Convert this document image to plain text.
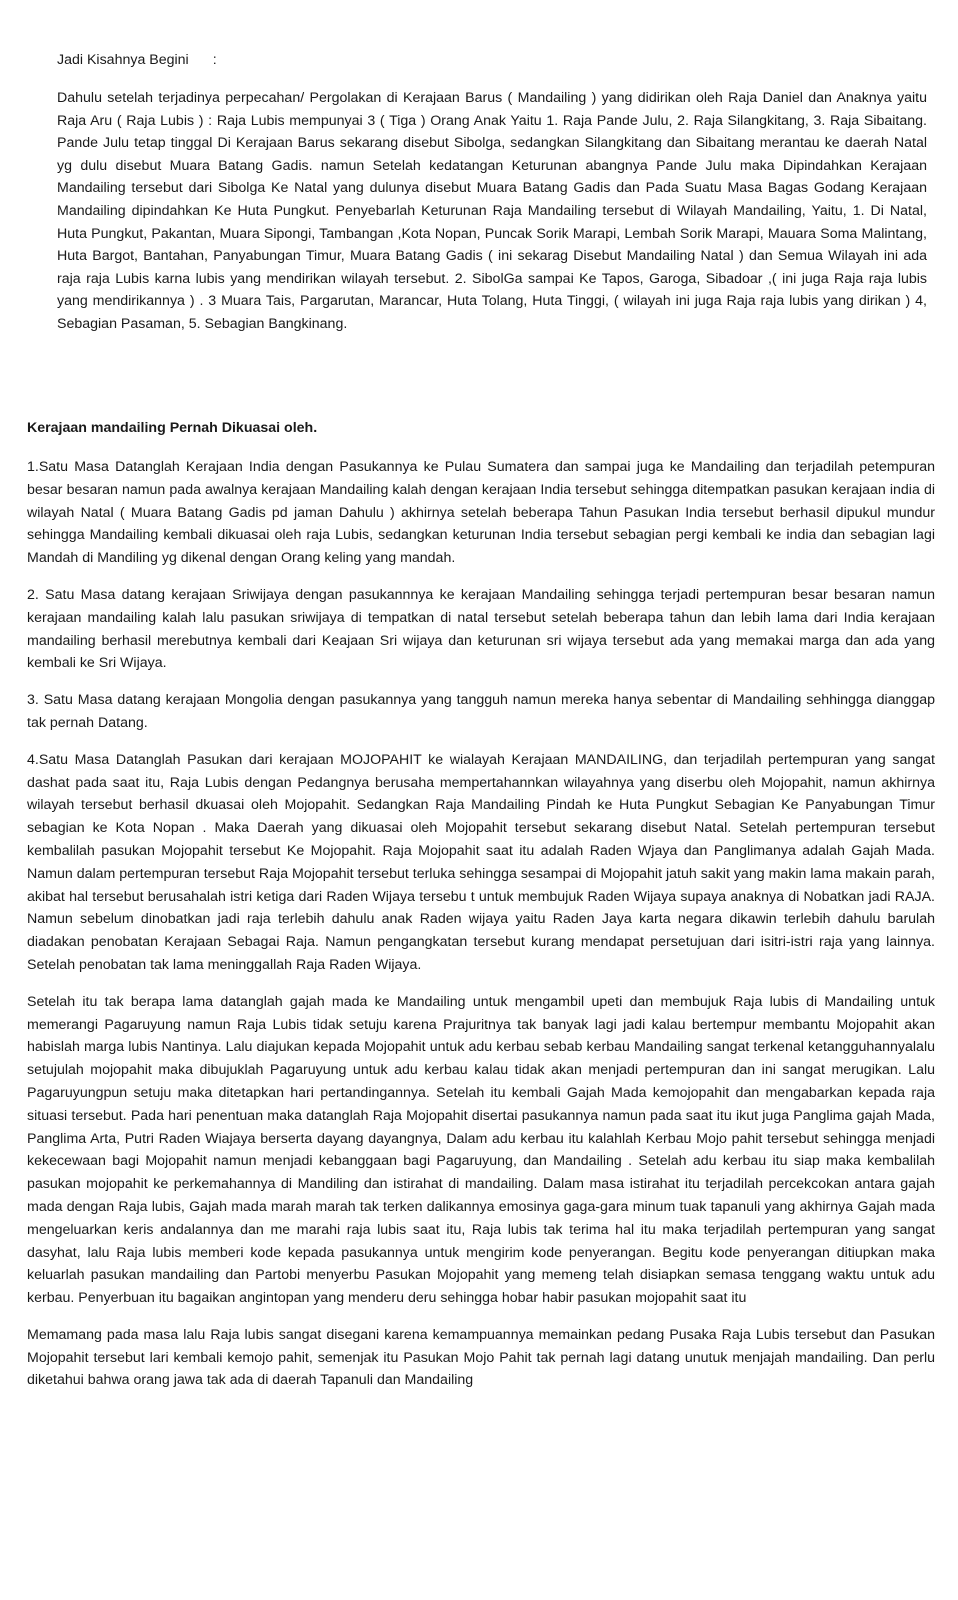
Jadi Kisahnya Begini :

Dahulu setelah terjadinya perpecahan/ Pergolakan di Kerajaan Barus ( Mandailing ) yang didirikan oleh Raja Daniel dan Anaknya yaitu Raja Aru ( Raja Lubis ) : Raja Lubis mempunyai 3 ( Tiga ) Orang Anak Yaitu 1. Raja Pande Julu, 2. Raja Silangkitang, 3. Raja Sibaitang. Pande Julu tetap tinggal Di Kerajaan Barus sekarang disebut Sibolga, sedangkan Silangkitang dan Sibaitang merantau ke daerah Natal yg dulu disebut Muara Batang Gadis. namun Setelah kedatangan Keturunan abangnya Pande Julu maka Dipindahkan Kerajaan Mandailing tersebut dari Sibolga Ke Natal yang dulunya disebut Muara Batang Gadis dan Pada Suatu Masa Bagas Godang Kerajaan Mandailing dipindahkan Ke Huta Pungkut. Penyebarlah Keturunan Raja Mandailing tersebut di Wilayah Mandailing, Yaitu, 1. Di Natal, Huta Pungkut, Pakantan, Muara Sipongi, Tambangan ,Kota Nopan, Puncak Sorik Marapi, Lembah Sorik Marapi, Mauara Soma Malintang, Huta Bargot, Bantahan, Panyabungan Timur, Muara Batang Gadis ( ini sekarag Disebut Mandailing Natal ) dan Semua Wilayah ini ada raja raja Lubis karna lubis yang mendirikan wilayah tersebut. 2. SibolGa sampai Ke Tapos, Garoga, Sibadoar ,( ini juga Raja raja lubis yang mendirikannya ) . 3 Muara Tais, Pargarutan, Marancar, Huta Tolang, Huta Tinggi, ( wilayah ini juga Raja raja lubis yang dirikan ) 4, Sebagian Pasaman, 5. Sebagian Bangkinang.

Kerajaan mandailing Pernah Dikuasai oleh.

1.Satu Masa Datanglah Kerajaan India dengan Pasukannya ke Pulau Sumatera dan sampai juga ke Mandailing dan terjadilah petempuran besar besaran namun pada awalnya kerajaan Mandailing kalah dengan kerajaan India tersebut sehingga ditempatkan pasukan kerajaan india di wilayah Natal ( Muara Batang Gadis pd jaman Dahulu ) akhirnya setelah beberapa Tahun Pasukan India tersebut berhasil dipukul mundur sehingga Mandailing kembali dikuasai oleh raja Lubis, sedangkan keturunan India tersebut sebagian pergi kembali ke india dan sebagian lagi Mandah di Mandiling yg dikenal dengan Orang keling yang mandah.

2. Satu Masa datang kerajaan Sriwijaya dengan pasukannnya ke kerajaan Mandailing sehingga terjadi pertempuran besar besaran namun kerajaan mandailing kalah lalu pasukan sriwijaya di tempatkan di natal tersebut setelah beberapa tahun dan lebih lama dari India kerajaan mandailing berhasil merebutnya kembali dari Keajaan Sri wijaya dan keturunan sri wijaya tersebut ada yang memakai marga dan ada yang kembali ke Sri Wijaya.

3. Satu Masa datang kerajaan Mongolia dengan pasukannya yang tangguh namun mereka hanya sebentar di Mandailing sehhingga dianggap tak pernah Datang.

4.Satu Masa Datanglah Pasukan dari kerajaan MOJOPAHIT ke wialayah Kerajaan MANDAILING, dan terjadilah pertempuran yang sangat dashat pada saat itu, Raja Lubis dengan Pedangnya berusaha mempertahannkan wilayahnya yang diserbu oleh Mojopahit, namun akhirnya wilayah tersebut berhasil dkuasai oleh Mojopahit. Sedangkan Raja Mandailing Pindah ke Huta Pungkut Sebagian Ke Panyabungan Timur sebagian ke Kota Nopan . Maka Daerah yang dikuasai oleh Mojopahit tersebut sekarang disebut Natal. Setelah pertempuran tersebut kembalilah pasukan Mojopahit tersebut Ke Mojopahit. Raja Mojopahit saat itu adalah Raden Wjaya dan Panglimanya adalah Gajah Mada. Namun dalam pertempuran tersebut Raja Mojopahit tersebut terluka sehingga sesampai di Mojopahit jatuh sakit yang makin lama makain parah, akibat hal tersebut berusahalah istri ketiga dari Raden Wijaya tersebu t untuk membujuk Raden Wijaya supaya anaknya di Nobatkan jadi RAJA. Namun sebelum dinobatkan jadi raja terlebih dahulu anak Raden wijaya yaitu Raden Jaya karta negara dikawin terlebih dahulu barulah diadakan penobatan Kerajaan Sebagai Raja. Namun pengangkatan tersebut kurang mendapat persetujuan dari isitri-istri raja yang lainnya. Setelah penobatan tak lama meninggallah Raja Raden Wijaya.

Setelah itu tak berapa lama datanglah gajah mada ke Mandailing untuk mengambil upeti dan membujuk Raja lubis di Mandailing untuk memerangi Pagaruyung namun Raja Lubis tidak setuju karena Prajuritnya tak banyak lagi jadi kalau bertempur membantu Mojopahit akan habislah marga lubis Nantinya. Lalu diajukan kepada Mojopahit untuk adu kerbau sebab kerbau Mandailing sangat terkenal ketangguhannyalalu setujulah mojopahit maka dibujuklah Pagaruyung untuk adu kerbau kalau tidak akan menjadi pertempuran dan ini sangat merugikan. Lalu Pagaruyungpun setuju maka ditetapkan hari pertandingannya. Setelah itu kembali Gajah Mada kemojopahit dan mengabarkan kepada raja situasi tersebut. Pada hari penentuan maka datanglah Raja Mojopahit disertai pasukannya namun pada saat itu ikut juga Panglima gajah Mada, Panglima Arta, Putri Raden Wiajaya berserta dayang dayangnya, Dalam adu kerbau itu kalahlah Kerbau Mojo pahit tersebut sehingga menjadi kekecewaan bagi Mojopahit namun menjadi kebanggaan bagi Pagaruyung, dan Mandailing . Setelah adu kerbau itu siap maka kembalilah pasukan mojopahit ke perkemahannya di Mandiling dan istirahat di mandailing. Dalam masa istirahat itu terjadilah percekcokan antara gajah mada dengan Raja lubis, Gajah mada marah marah tak terken dalikannya emosinya gaga-gara minum tuak tapanuli yang akhirnya Gajah mada mengeluarkan keris andalannya dan me marahi raja lubis saat itu, Raja lubis tak terima hal itu maka terjadilah pertempuran yang sangat dasyhat, lalu Raja lubis memberi kode kepada pasukannya untuk mengirim kode penyerangan. Begitu kode penyerangan ditiupkan maka keluarlah pasukan mandailing dan Partobi menyerbu Pasukan Mojopahit yang memeng telah disiapkan semasa tenggang waktu untuk adu kerbau. Penyerbuan itu bagaikan angintopan yang menderu deru sehingga hobar habir pasukan mojopahit saat itu

Memamang pada masa lalu Raja lubis sangat disegani karena kemampuannya memainkan pedang Pusaka Raja Lubis tersebut dan Pasukan Mojopahit tersebut lari kembali kemojo pahit, semenjak itu Pasukan Mojo Pahit tak pernah lagi datang unutuk menjajah mandailing. Dan perlu diketahui bahwa orang jawa tak ada di daerah Tapanuli dan Mandailing
